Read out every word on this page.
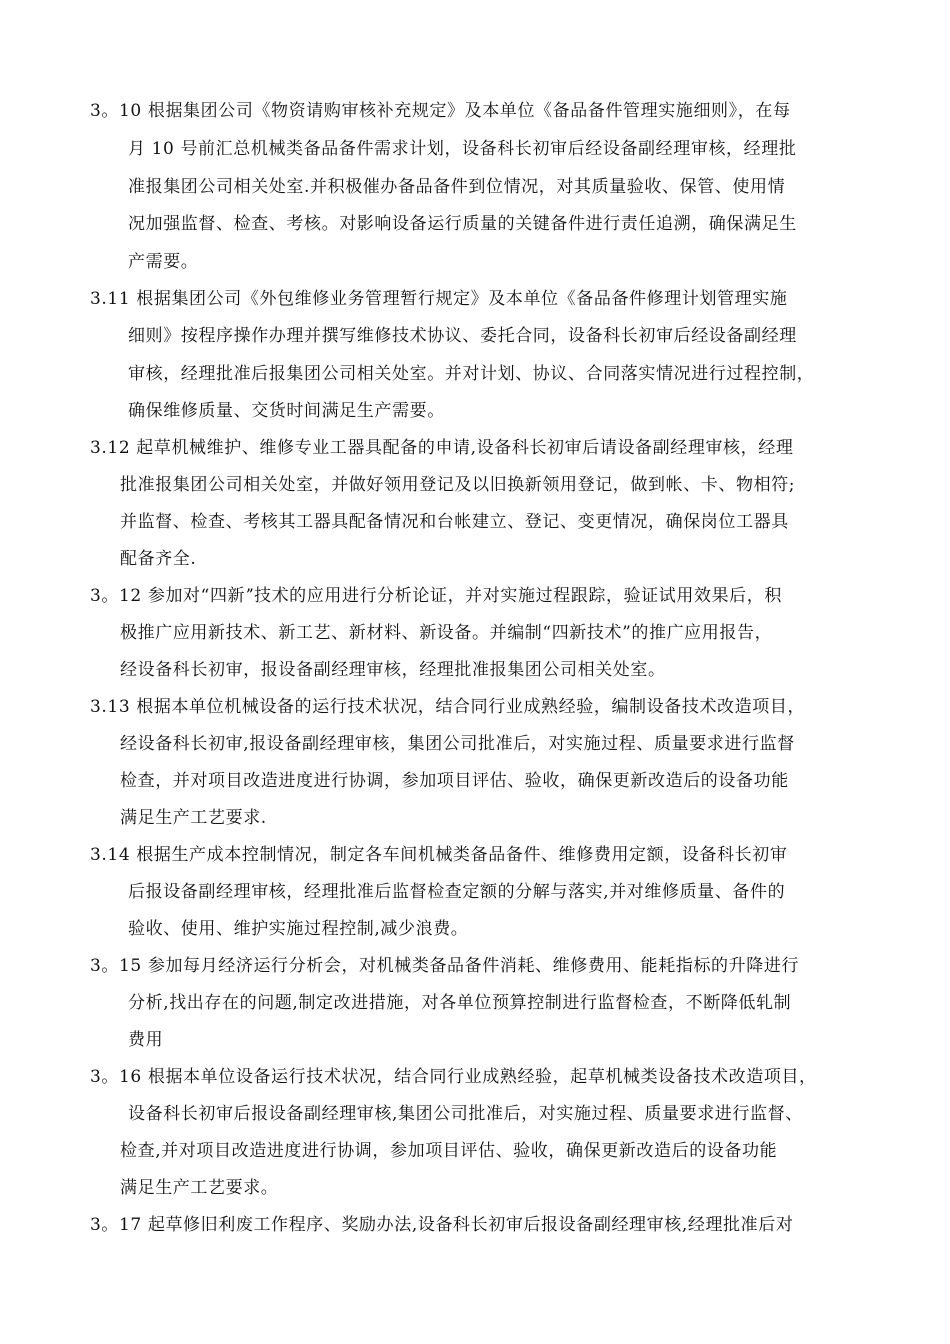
3。10 根据集团公司《物资请购审核补充规定》及本单位《备品备件管理实施细则》，在每
月 10 号前汇总机械类备品备件需求计划，设备科长初审后经设备副经理审核，经理批
准报集团公司相关处室.并积极催办备品备件到位情况，对其质量验收、保管、使用情
况加强监督、检查、考核。对影响设备运行质量的关键备件进行责任追溯，确保满足生
产需要。
3.11 根据集团公司《外包维修业务管理暂行规定》及本单位《备品备件修理计划管理实施
细则》按程序操作办理并撰写维修技术协议、委托合同，设备科长初审后经设备副经理
审核，经理批准后报集团公司相关处室。并对计划、协议、合同落实情况进行过程控制，
确保维修质量、交货时间满足生产需要。
3.12 起草机械维护、维修专业工器具配备的申请,设备科长初审后请设备副经理审核，经理
批准报集团公司相关处室，并做好领用登记及以旧换新领用登记，做到帐、卡、物相符;
并监督、检查、考核其工器具配备情况和台帐建立、登记、变更情况，确保岗位工器具
配备齐全.
3。12 参加对“四新ˮ技术的应用进行分析论证，并对实施过程跟踪，验证试用效果后，积
极推广应用新技术、新工艺、新材料、新设备。并编制“四新技术”的推广应用报告，
经设备科长初审，报设备副经理审核，经理批准报集团公司相关处室。
3.13 根据本单位机械设备的运行技术状况，结合同行业成熟经验，编制设备技术改造项目，
经设备科长初审,报设备副经理审核，集团公司批准后，对实施过程、质量要求进行监督
检查，并对项目改造进度进行协调，参加项目评估、验收，确保更新改造后的设备功能
满足生产工艺要求.
3.14 根据生产成本控制情况，制定各车间机械类备品备件、维修费用定额，设备科长初审
后报设备副经理审核，经理批准后监督检查定额的分解与落实,并对维修质量、备件的
验收、使用、维护实施过程控制,减少浪费。
3。15 参加每月经济运行分析会，对机械类备品备件消耗、维修费用、能耗指标的升降进行
分析,找出存在的问题,制定改进措施，对各单位预算控制进行监督检查，不断降低轧制
费用
3。16 根据本单位设备运行技术状况，结合同行业成熟经验，起草机械类设备技术改造项目，
设备科长初审后报设备副经理审核,集团公司批准后，对实施过程、质量要求进行监督、
检查,并对项目改造进度进行协调，参加项目评估、验收，确保更新改造后的设备功能
满足生产工艺要求。
3。17 起草修旧利废工作程序、奖励办法,设备科长初审后报设备副经理审核,经理批准后对
